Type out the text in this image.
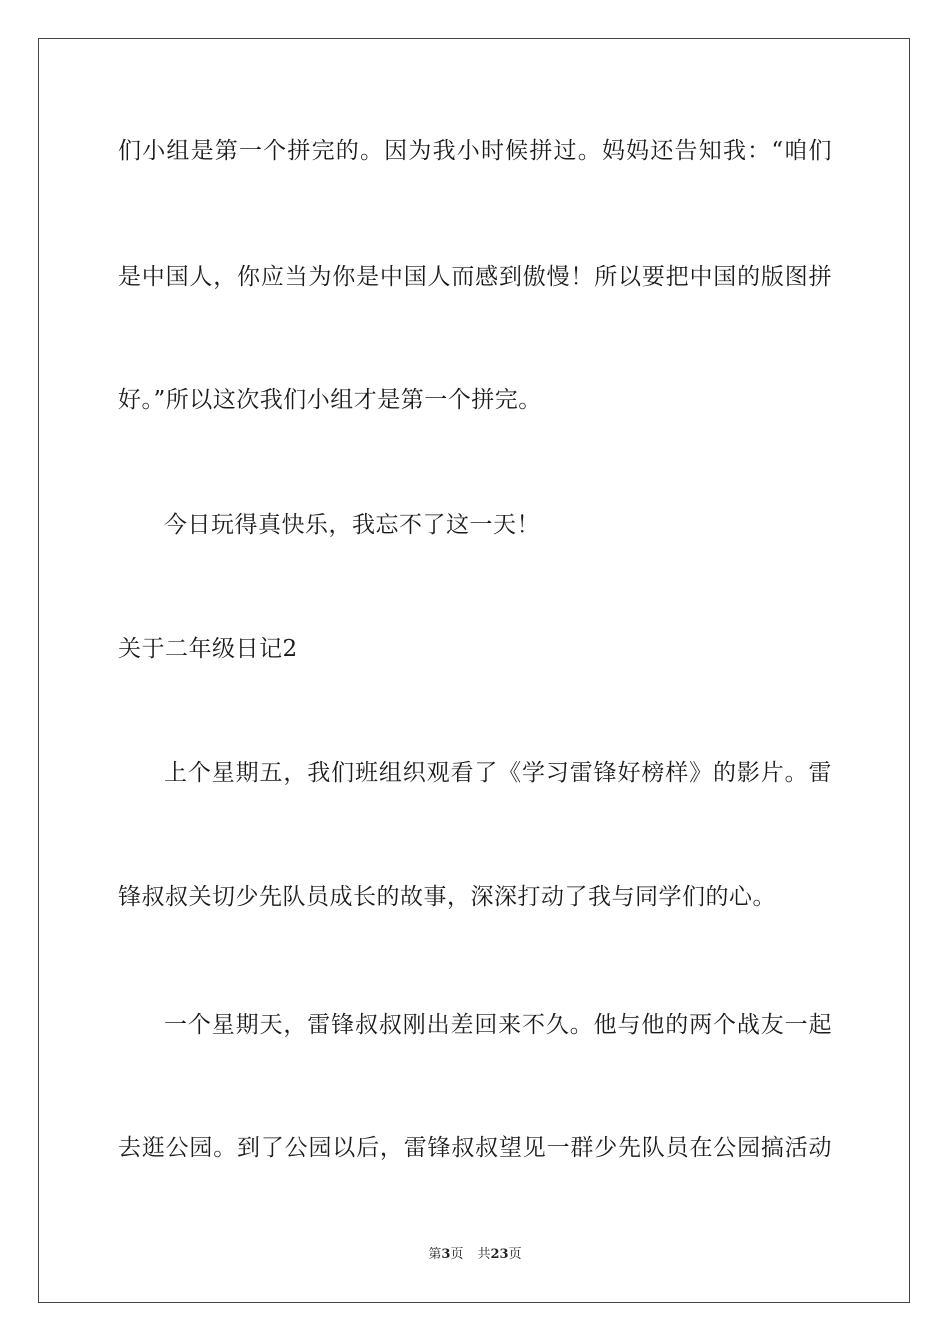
们小组是第一个拼完的。因为我小时候拼过。妈妈还告知我：“咱们
是中国人，你应当为你是中国人而感到傲慢！所以要把中国的版图拼
好。”所以这次我们小组才是第一个拼完。
今日玩得真快乐，我忘不了这一天！
关于二年级日记2
上个星期五，我们班组织观看了《学习雷锋好榜样》的影片。雷
锋叔叔关切少先队员成长的故事，深深打动了我与同学们的心。
一个星期天，雷锋叔叔刚出差回来不久。他与他的两个战友一起
去逛公园。到了公园以后，雷锋叔叔望见一群少先队员在公园搞活动
第3页 共23页
